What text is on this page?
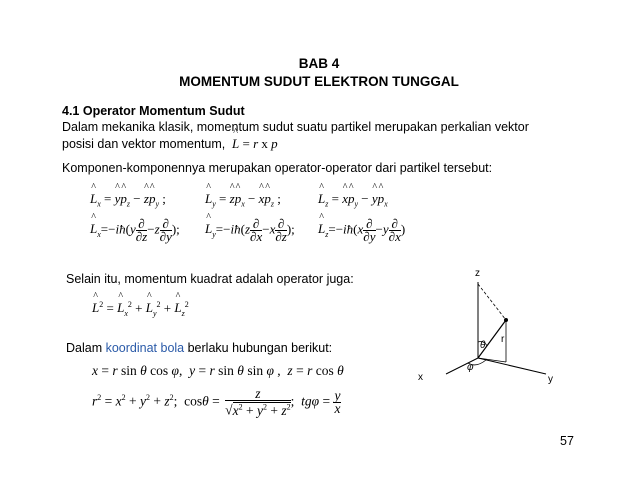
BAB 4
MOMENTUM SUDUT ELEKTRON TUNGGAL
4.1 Operator Momentum Sudut
Dalam mekanika klasik, momentum sudut suatu partikel merupakan perkalian vektor
posisi dan vektor momentum, ^ L = r x p
Komponen-komponennya merupakan operator-operator dari partikel tersebut:
^ $L_x$ = ^ y^ $p_z$ − ^ z^ $p_y$ ;	^ $L_y$ = ^ z^ $p_x$ − ^ x^ $p_z$ ;	^ $L_z$ = ^ x^ $p_y$ − ^ y^ $p_x$
^ $L_x=-iħ(y \frac{\partial}{\partial z} -z \frac{\partial}{\partial y}$ ); ^ $L_y=-iħ(z \frac{\partial}{\partial x} -x \frac{\partial}{\partial z}$ ); ^ $L_z=-iħ(x \frac{\partial}{\partial y} -y \frac{\partial}{\partial x}$ )
Selain itu, momentum kuadrat adalah operator juga:
^ $L^2$ = ^ $L_x^2$ + ^ $L_y^2$ + ^ $L_z^2$
Dalam koordinat bola berlaku hubungan berikut:
x = r sin θ cos φ,  y = r sin θ sin φ ,  z = r cos θ
$r^2 = x^2 + y^2 + z^2$;  $\cos\theta = \frac{z}{√x^2 + y^2 + z^2}$ ;  $tg\varphi = \frac{y}{x}$
z
x	y
r
θ
φ
57
